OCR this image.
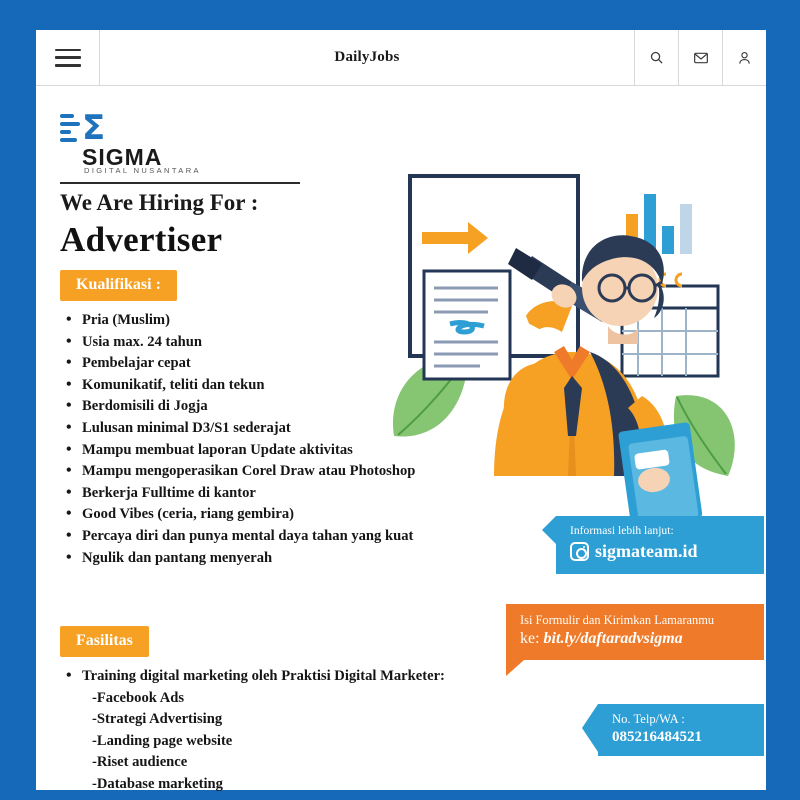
DailyJobs
Σ
SIGMA
DIGITAL NUSANTARA
We Are Hiring For :
Advertiser
Kualifikasi :
• Pria (Muslim)
• Usia max. 24 tahun
• Pembelajar cepat
• Komunikatif, teliti dan tekun
• Berdomisili di Jogja
• Lulusan minimal D3/S1 sederajat
• Mampu membuat laporan Update aktivitas
• Mampu mengoperasikan Corel Draw atau Photoshop
• Berkerja Fulltime di kantor
• Good Vibes (ceria, riang gembira)
• Percaya diri dan punya mental daya tahan yang kuat
• Ngulik dan pantang menyerah
Fasilitas
• Training digital marketing oleh Praktisi Digital Marketer:
-Facebook Ads
-Strategi Advertising
-Landing page website
-Riset audience
-Database marketing
Informasi lebih lanjut:
sigmateam.id
Isi Formulir dan Kirimkan Lamaranmu
ke: bit.ly/daftaradvsigma
No. Telp/WA :
085216484521
